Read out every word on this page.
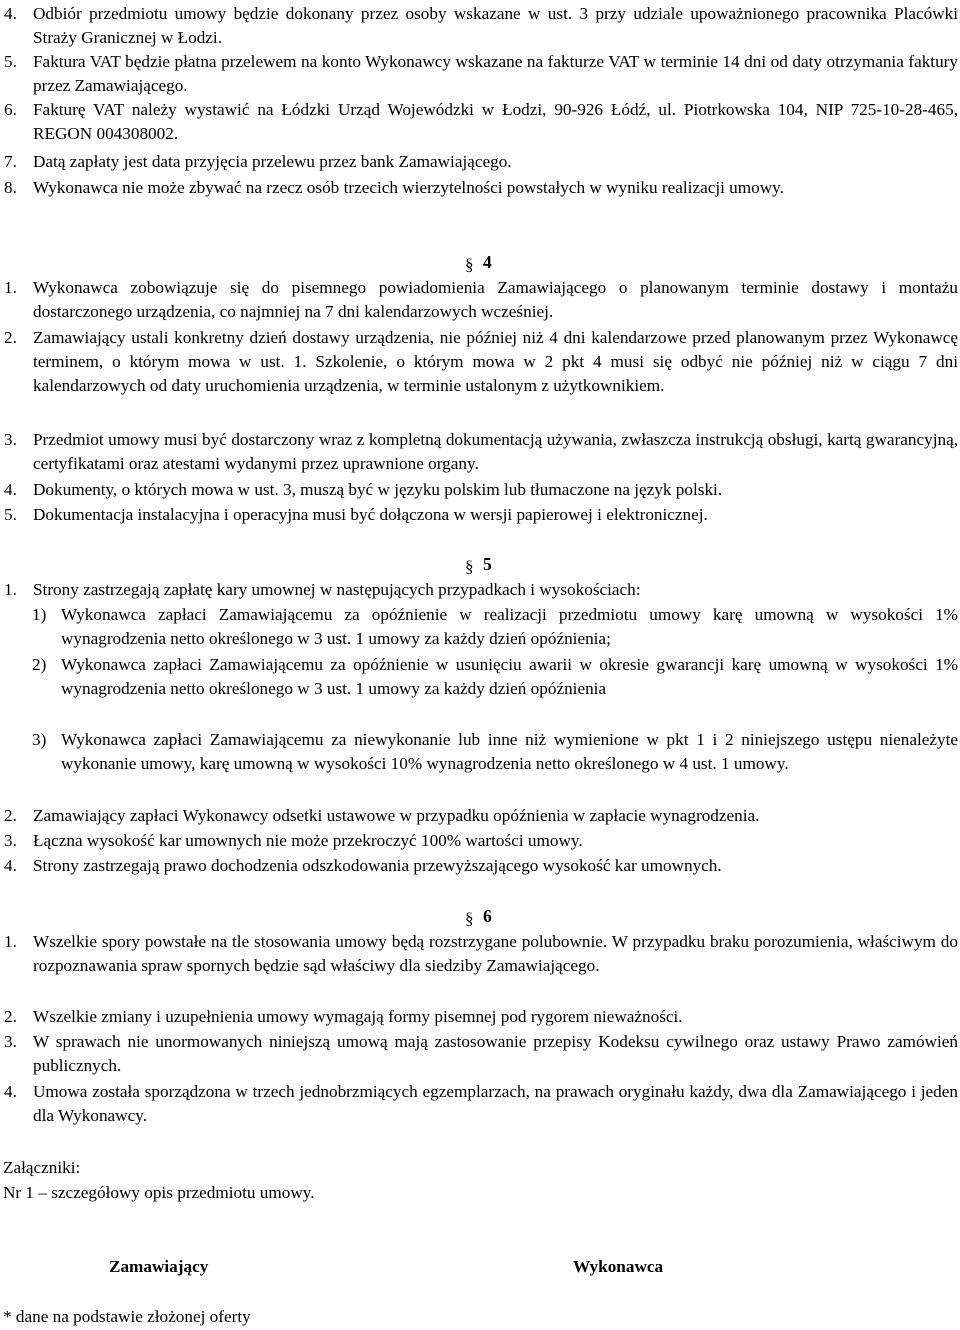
4. Odbiór przedmiotu umowy będzie dokonany przez osoby wskazane w ust. 3 przy udziale upoważnionego pracownika Placówki Straży Granicznej w Łodzi.
5. Faktura VAT będzie płatna przelewem na konto Wykonawcy wskazane na fakturze VAT w terminie 14 dni od daty otrzymania faktury przez Zamawiającego.
6. Fakturę VAT należy wystawić na Łódzki Urząd Wojewódzki w Łodzi, 90-926 Łódź, ul. Piotrkowska 104, NIP 725-10-28-465, REGON 004308002.
7. Datą zapłaty jest data przyjęcia przelewu przez bank Zamawiającego.
8. Wykonawca nie może zbywać na rzecz osób trzecich wierzytelności powstałych w wyniku realizacji umowy.
§ 4
1. Wykonawca zobowiązuje się do pisemnego powiadomienia Zamawiającego o planowanym terminie dostawy i montażu dostarczonego urządzenia, co najmniej na 7 dni kalendarzowych wcześniej.
2. Zamawiający ustali konkretny dzień dostawy urządzenia, nie później niż 4 dni kalendarzowe przed planowanym przez Wykonawcę terminem, o którym mowa w ust. 1. Szkolenie, o którym mowa w 2 pkt 4 musi się odbyć nie później niż w ciągu 7 dni kalendarzowych od daty uruchomienia urządzenia, w terminie ustalonym z użytkownikiem.
3. Przedmiot umowy musi być dostarczony wraz z kompletną dokumentacją używania, zwłaszcza instrukcją obsługi, kartą gwarancyjną, certyfikatami oraz atestami wydanymi przez uprawnione organy.
4. Dokumenty, o których mowa w ust. 3, muszą być w języku polskim lub tłumaczone na język polski.
5. Dokumentacja instalacyjna i operacyjna musi być dołączona w wersji papierowej i elektronicznej.
§ 5
1. Strony zastrzegają zapłatę kary umownej w następujących przypadkach i wysokościach:
1) Wykonawca zapłaci Zamawiającemu za opóźnienie w realizacji przedmiotu umowy karę umowną w wysokości 1% wynagrodzenia netto określonego w 3 ust. 1 umowy za każdy dzień opóźnienia;
2) Wykonawca zapłaci Zamawiającemu za opóźnienie w usunięciu awarii w okresie gwarancji karę umowną w wysokości 1% wynagrodzenia netto określonego w 3 ust. 1 umowy za każdy dzień opóźnienia
3) Wykonawca zapłaci Zamawiającemu za niewykonanie lub inne niż wymienione w pkt 1 i 2 niniejszego ustępu nienależyte wykonanie umowy, karę umowną w wysokości 10% wynagrodzenia netto określonego w 4 ust. 1 umowy.
2. Zamawiający zapłaci Wykonawcy odsetki ustawowe w przypadku opóźnienia w zapłacie wynagrodzenia.
3. Łączna wysokość kar umownych nie może przekroczyć 100% wartości umowy.
4. Strony zastrzegają prawo dochodzenia odszkodowania przewyższającego wysokość kar umownych.
§ 6
1. Wszelkie spory powstałe na tle stosowania umowy będą rozstrzygane polubownie. W przypadku braku porozumienia, właściwym do rozpoznawania spraw spornych będzie sąd właściwy dla siedziby Zamawiającego.
2. Wszelkie zmiany i uzupełnienia umowy wymagają formy pisemnej pod rygorem nieważności.
3. W sprawach nie unormowanych niniejszą umową mają zastosowanie przepisy Kodeksu cywilnego oraz ustawy Prawo zamówień publicznych.
4. Umowa została sporządzona w trzech jednobrzmiących egzemplarzach, na prawach oryginału każdy, dwa dla Zamawiającego i jeden dla Wykonawcy.
Załączniki:
Nr 1 – szczegółowy opis przedmiotu umowy.
Zamawiający	Wykonawca
* dane na podstawie złożonej oferty
